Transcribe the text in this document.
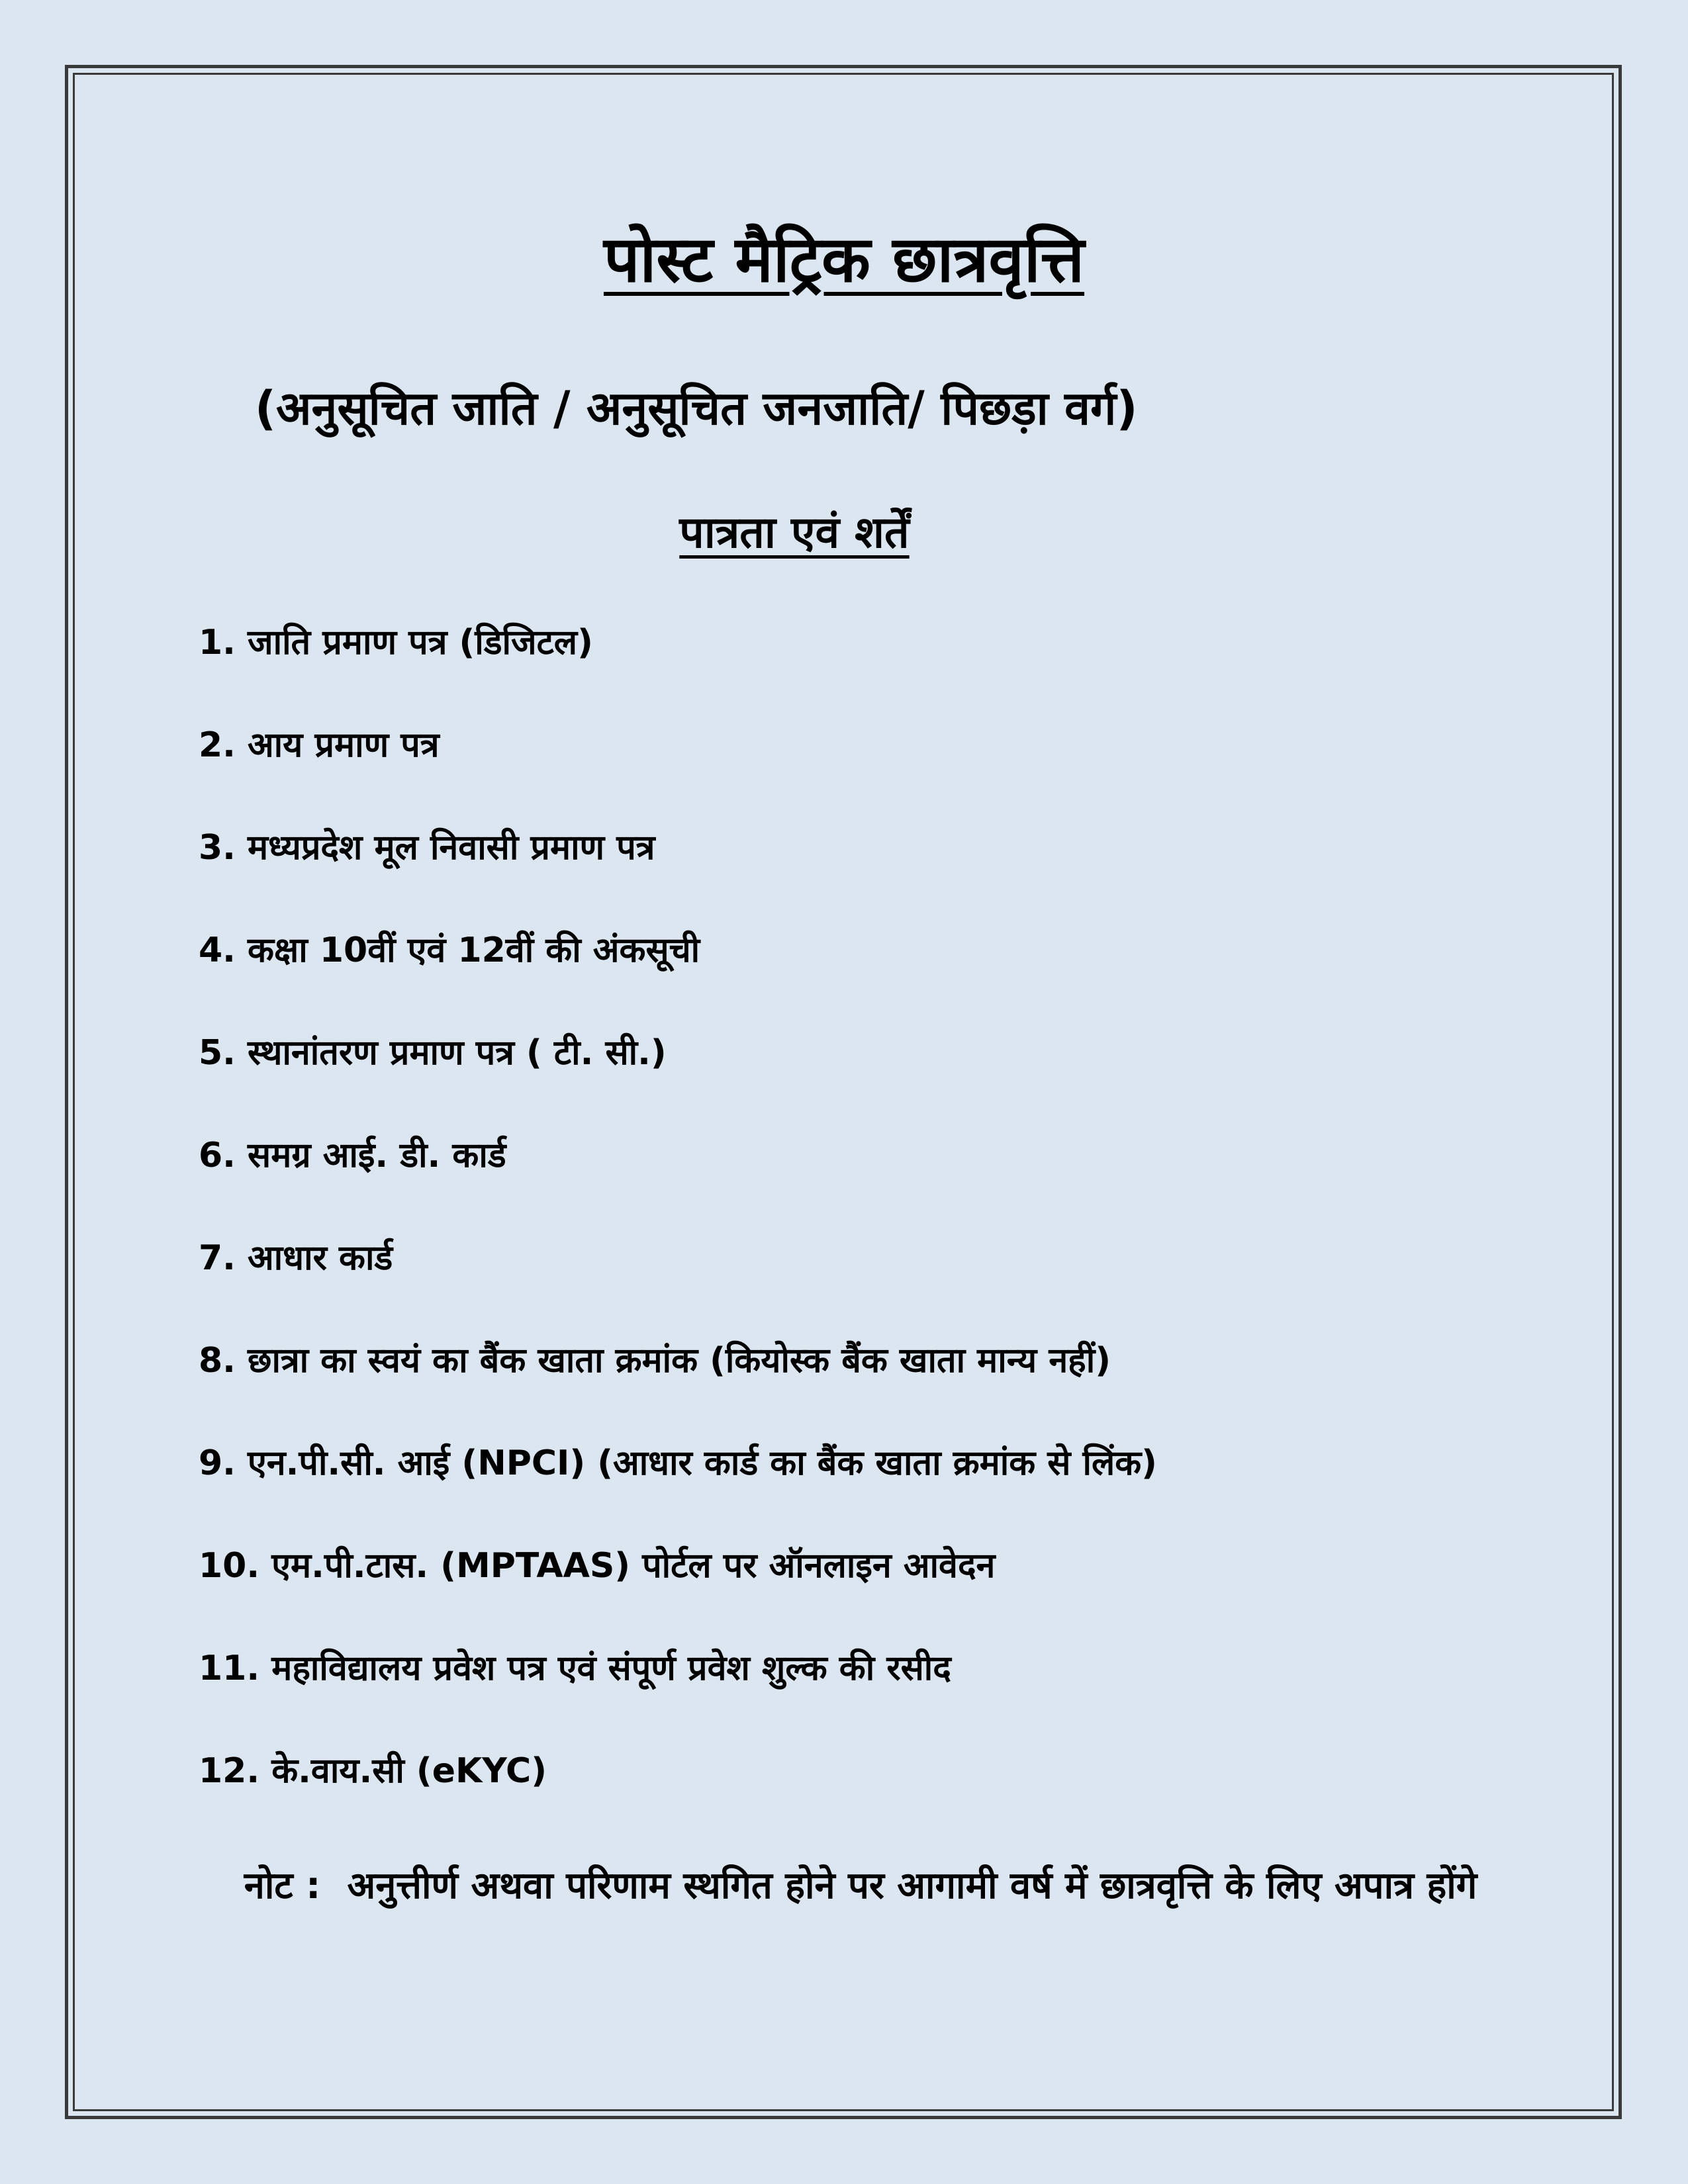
पोस्ट मैट्रिक छात्रवृत्ति
(अनुसूचित जाति / अनुसूचित जनजाति/ पिछड़ा वर्ग)
पात्रता एवं शर्तें
1. जाति प्रमाण पत्र (डिजिटल)
2. आय प्रमाण पत्र
3. मध्यप्रदेश मूल निवासी प्रमाण पत्र
4. कक्षा 10वीं एवं 12वीं की अंकसूची
5. स्थानांतरण प्रमाण पत्र ( टी. सी.)
6. समग्र आई. डी. कार्ड
7. आधार कार्ड
8. छात्रा का स्वयं का बैंक खाता क्रमांक (कियोस्क बैंक खाता मान्य नहीं)
9. एन.पी.सी. आई (NPCI) (आधार कार्ड का बैंक खाता क्रमांक से लिंक)
10. एम.पी.टास. (MPTAAS) पोर्टल पर ऑनलाइन आवेदन
11. महाविद्यालय प्रवेश पत्र एवं संपूर्ण प्रवेश शुल्क की रसीद
12. के.वाय.सी (eKYC)
नोट : अनुत्तीर्ण अथवा परिणाम स्थगित होने पर आगामी वर्ष में छात्रवृत्ति के लिए अपात्र होंगे
